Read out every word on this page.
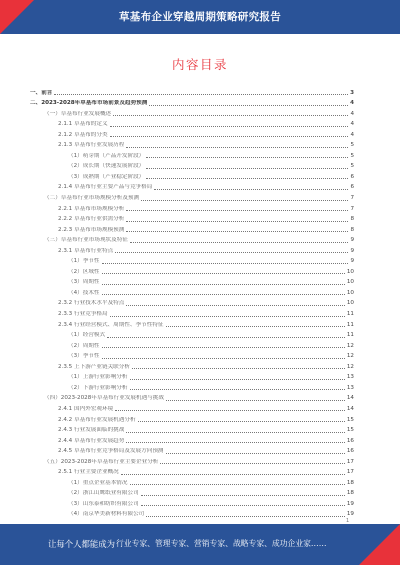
草基布企业穿越周期策略研究报告
内容目录
一、前言	3
二、2023-2028年草基布市场前景及趋势预测	4
（一）草基布行业发展概述	4
2.1.1 草基布的定义	4
2.1.2 草基布的分类	4
2.1.3 草基布行业发展历程	5
（1）萌芽期（产品开发阶段）	5
（2）成长期（快速发展阶段）	5
（3）成熟期（产业稳定阶段）	6
2.1.4 草基布行业主要产品与竞争格局	6
（二）草基布行业市场规模分析及预测	7
2.2.1 草基布市场规模分析	7
2.2.2 草基布行业供需分析	8
2.2.3 草基布市场规模预测	8
（三）草基布行业市场现状及特征	9
2.3.1 草基布行业特点	9
（1）季节性	9
（2）区域性	10
（3）周期性	10
（4）技术性	10
2.3.2 行业技术水平及特点	10
2.3.3 行业竞争格局	11
2.3.4 行业经营模式、周期性、季节性特征	11
（1）经营模式	11
（2）周期性	12
（3）季节性	12
2.3.5 上下游产业链关联分析	12
（1）上游行业影响分析	13
（2）下游行业影响分析	13
（四）2023-2028年草基布行业发展机遇与挑战	14
2.4.1 国内外宏观环境	14
2.4.2 草基布行业发展机遇分析	15
2.4.3 行业发展面临的挑战	15
2.4.4 草基布行业发展趋势	16
2.4.5 草基布行业竞争格局及发展方向预测	16
（五）2023-2028年草基布行业主要企业分析	17
2.5.1 行业主要企业概况	17
（1）重点企业基本情况	18
（2）浙江山鹰纸业有限公司	18
（3）山东泰和纺织有限公司	19
（4）南京华美新材料有限公司	19
1
让每个人都能成为 行业专家、管理专家、营销专家、战略专家、成功企业家……
